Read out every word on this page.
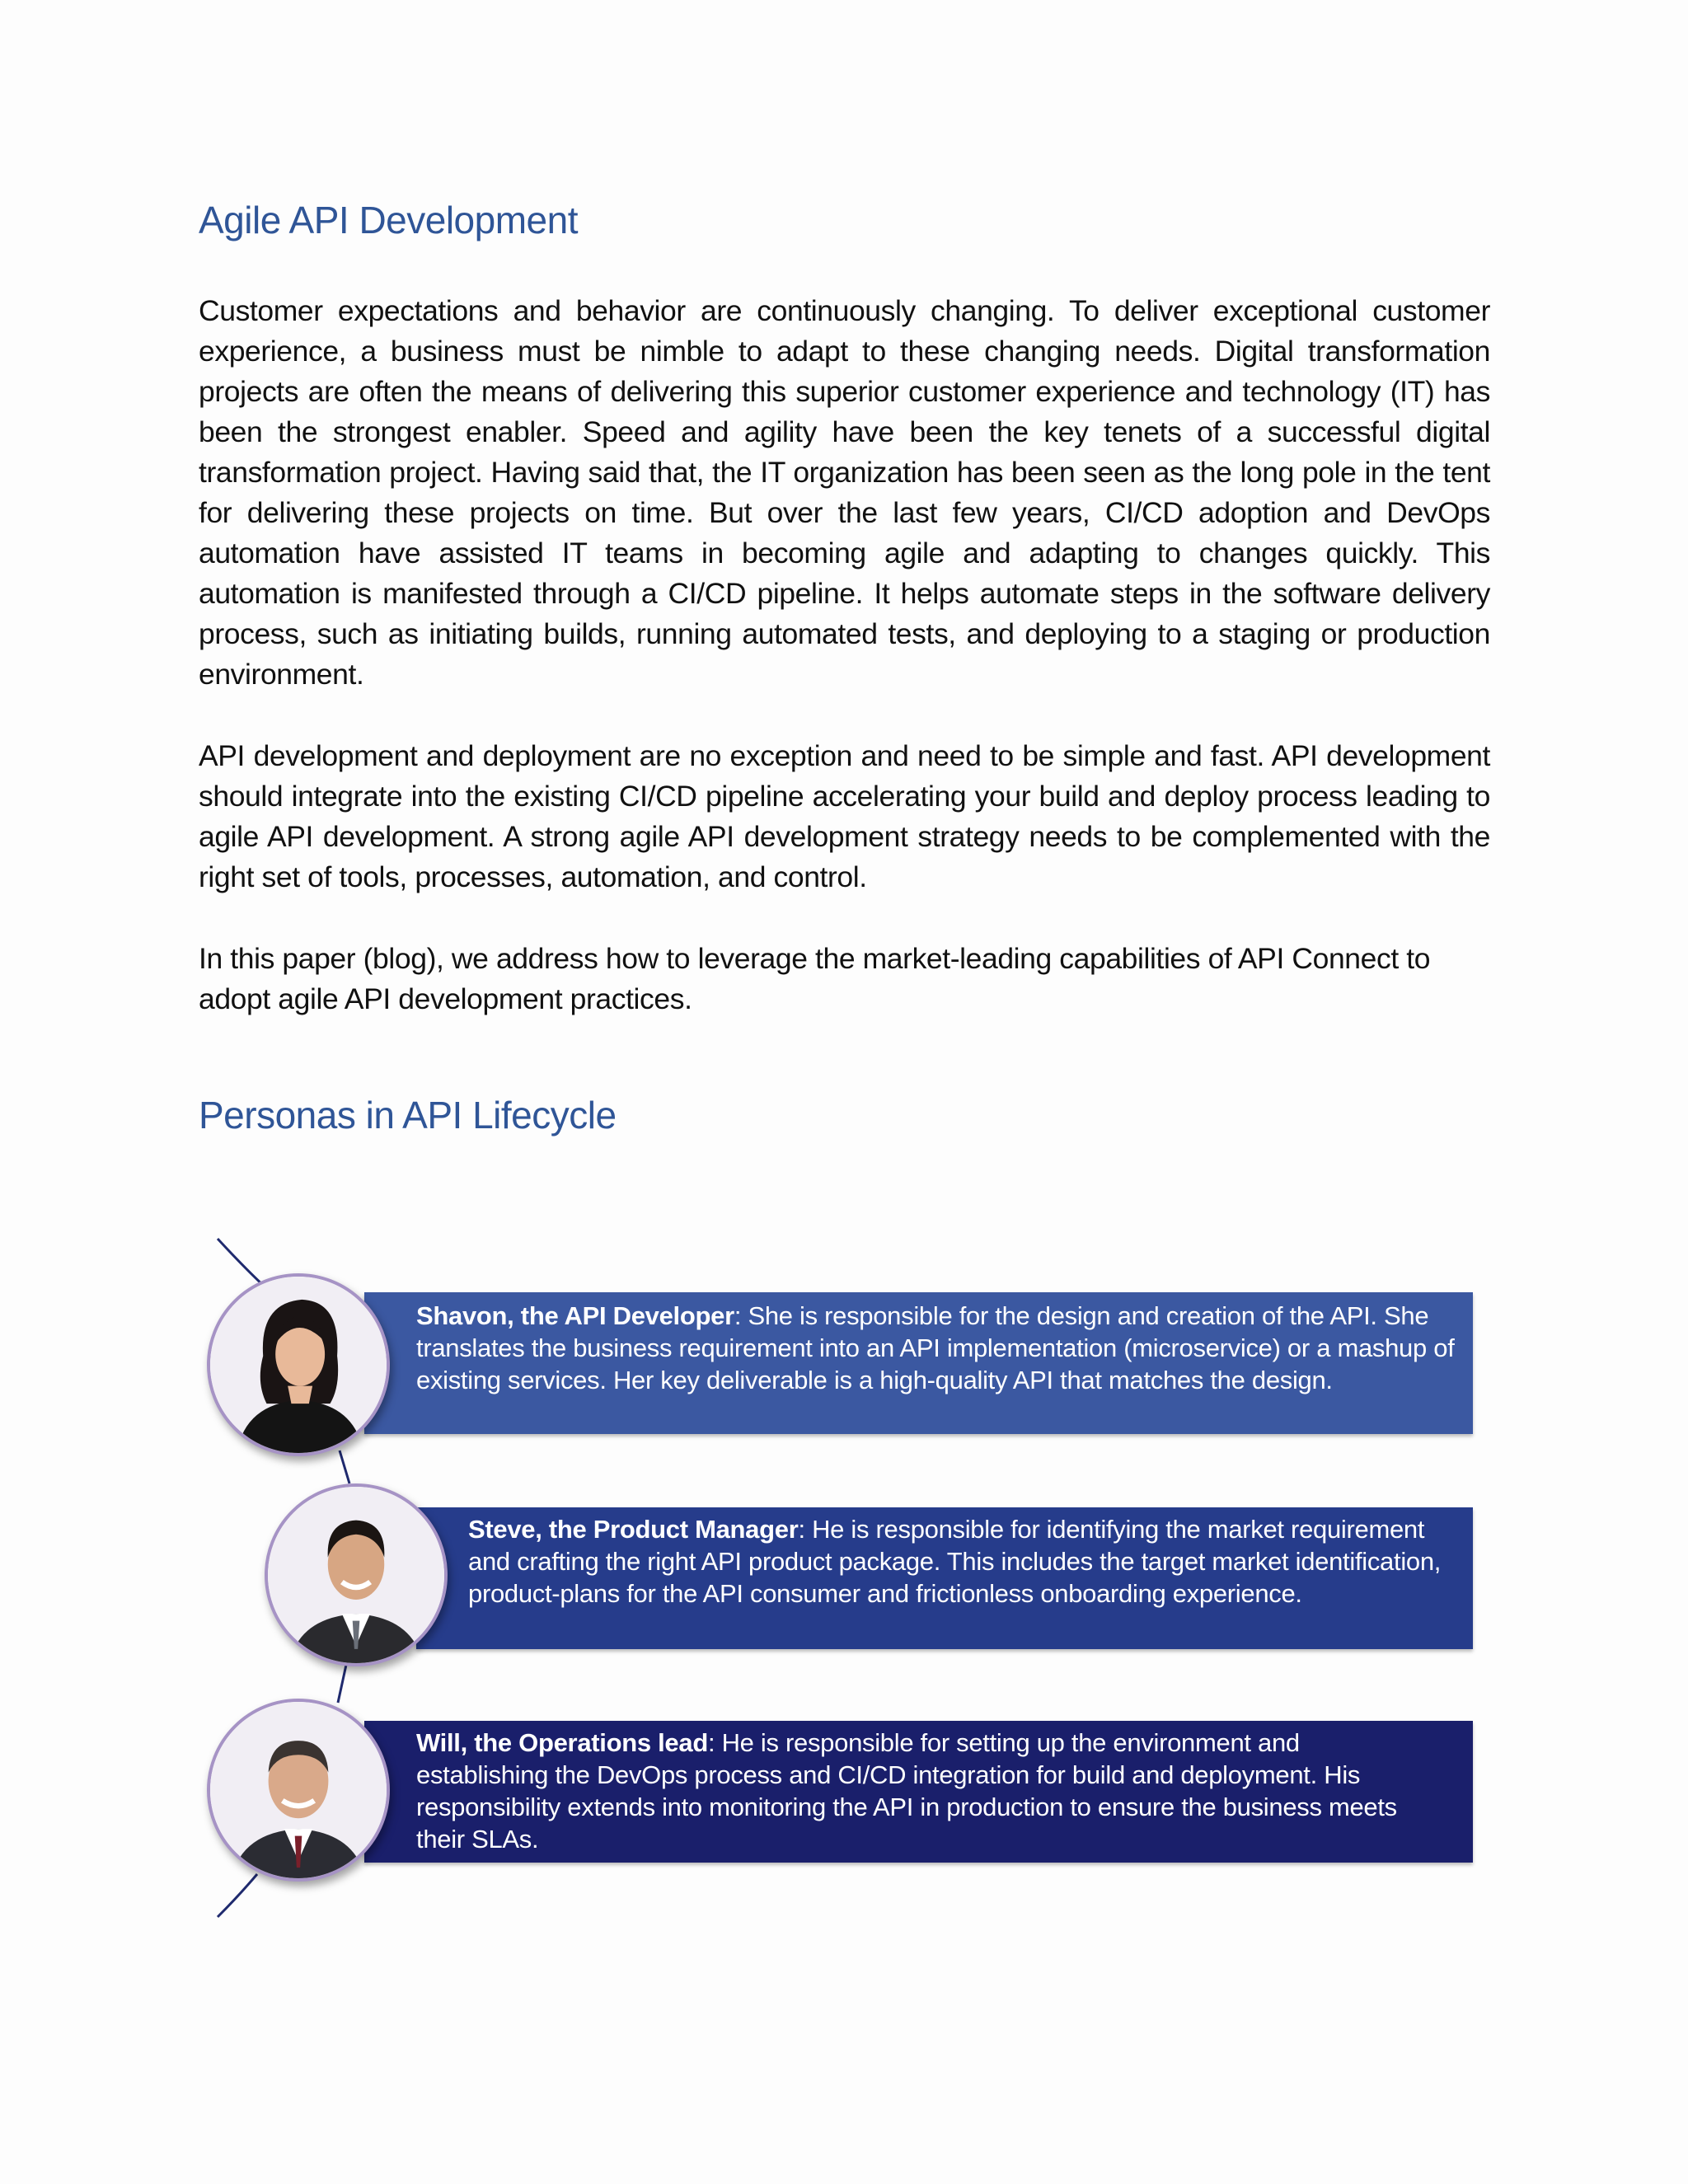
Agile API Development

Customer expectations and behavior are continuously changing. To deliver exceptional customer experience, a business must be nimble to adapt to these changing needs. Digital transformation projects are often the means of delivering this superior customer experience and technology (IT) has been the strongest enabler. Speed and agility have been the key tenets of a successful digital transformation project. Having said that, the IT organization has been seen as the long pole in the tent for delivering these projects on time. But over the last few years, CI/CD adoption and DevOps automation have assisted IT teams in becoming agile and adapting to changes quickly. This automation is manifested through a CI/CD pipeline. It helps automate steps in the software delivery process, such as initiating builds, running automated tests, and deploying to a staging or production environment.

API development and deployment are no exception and need to be simple and fast. API development should integrate into the existing CI/CD pipeline accelerating your build and deploy process leading to agile API development. A strong agile API development strategy needs to be complemented with the right set of tools, processes, automation, and control.

In this paper (blog), we address how to leverage the market-leading capabilities of API Connect to adopt agile API development practices.

Personas in API Lifecycle

Shavon, the API Developer: She is responsible for the design and creation of the API. She translates the business requirement into an API implementation (microservice) or a mashup of existing services. Her key deliverable is a high-quality API that matches the design.

Steve, the Product Manager: He is responsible for identifying the market requirement and crafting the right API product package. This includes the target market identification, product-plans for the API consumer and frictionless onboarding experience.

Will, the Operations lead: He is responsible for setting up the environment and establishing the DevOps process and CI/CD integration for build and deployment. His responsibility extends into monitoring the API in production to ensure the business meets their SLAs.
